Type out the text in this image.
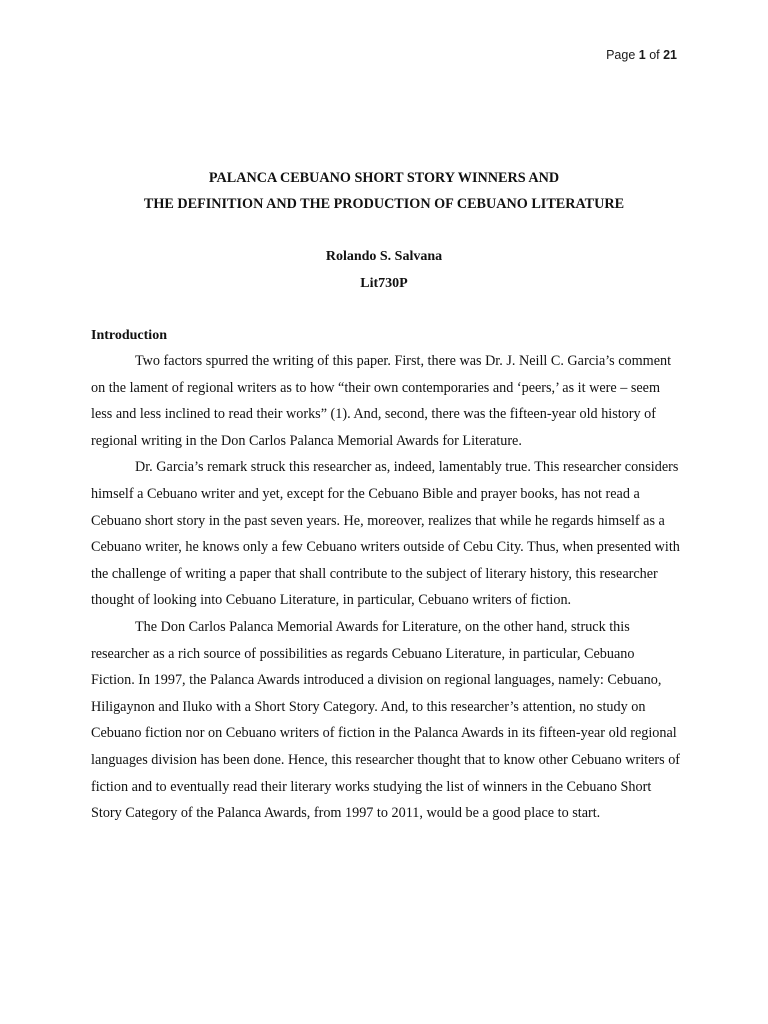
Page 1 of 21
PALANCA CEBUANO SHORT STORY WINNERS AND
THE DEFINITION AND THE PRODUCTION OF CEBUANO LITERATURE
Rolando S. Salvana
Lit730P
Introduction

Two factors spurred the writing of this paper. First, there was Dr. J. Neill C. Garcia’s comment on the lament of regional writers as to how “their own contemporaries and ‘peers,’ as it were – seem less and less inclined to read their works” (1). And, second, there was the fifteen-year old history of regional writing in the Don Carlos Palanca Memorial Awards for Literature.

Dr. Garcia’s remark struck this researcher as, indeed, lamentably true. This researcher considers himself a Cebuano writer and yet, except for the Cebuano Bible and prayer books, has not read a Cebuano short story in the past seven years. He, moreover, realizes that while he regards himself as a Cebuano writer, he knows only a few Cebuano writers outside of Cebu City. Thus, when presented with the challenge of writing a paper that shall contribute to the subject of literary history, this researcher thought of looking into Cebuano Literature, in particular, Cebuano writers of fiction.

The Don Carlos Palanca Memorial Awards for Literature, on the other hand, struck this researcher as a rich source of possibilities as regards Cebuano Literature, in particular, Cebuano Fiction. In 1997, the Palanca Awards introduced a division on regional languages, namely: Cebuano, Hiligaynon and Iluko with a Short Story Category. And, to this researcher’s attention, no study on Cebuano fiction nor on Cebuano writers of fiction in the Palanca Awards in its fifteen-year old regional languages division has been done. Hence, this researcher thought that to know other Cebuano writers of fiction and to eventually read their literary works studying the list of winners in the Cebuano Short Story Category of the Palanca Awards, from 1997 to 2011, would be a good place to start.
